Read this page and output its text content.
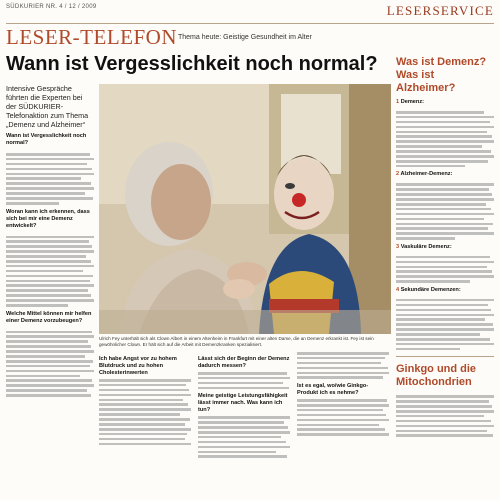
SÜDKURIER NR. 4 / 12 / 2009	LESERSERVICE
LESER-TELEFON Thema heute: Geistige Gesundheit im Alter
Wann ist Vergesslichkeit noch normal?
Intensive Gespräche führten die Experten bei der SÜDKURIER-Telefonaktion zum Thema „Demenz und Alzheimer“
Wann ist Vergesslichkeit noch normal?
Woran kann ich erkennen, dass sich bei mir eine Demenz entwickelt?
Welche Mittel können mir helfen einer Demenz vorzubeugen?
Ulrich Fey unterhält sich als Clown Albert in einem Altenheim in Frankfurt mit einer alten Dame, die an Demenz erkrankt ist. Fey ist sein gewöhnlicher Clown. Er hält sich auf die Arbeit mit Demenzkranken spezialisiert.
Ich habe Angst vor zu hohem Blutdruck und zu hohen Cholesterinwerten
Lässt sich der Beginn der Demenz dadurch messen?
Meine geistige Leistungsfähigkeit lässt immer nach. Was kann ich tun?
Ist es egal, wo/wie Ginkgo-Produkt ich es nehme?
Was ist Demenz? Was ist Alzheimer?
1 Demenz:
2 Alzheimer-Demenz:
3 Vaskuläre Demenz:
4 Sekundäre Demenzen:
Ginkgo und die Mitochondrien
